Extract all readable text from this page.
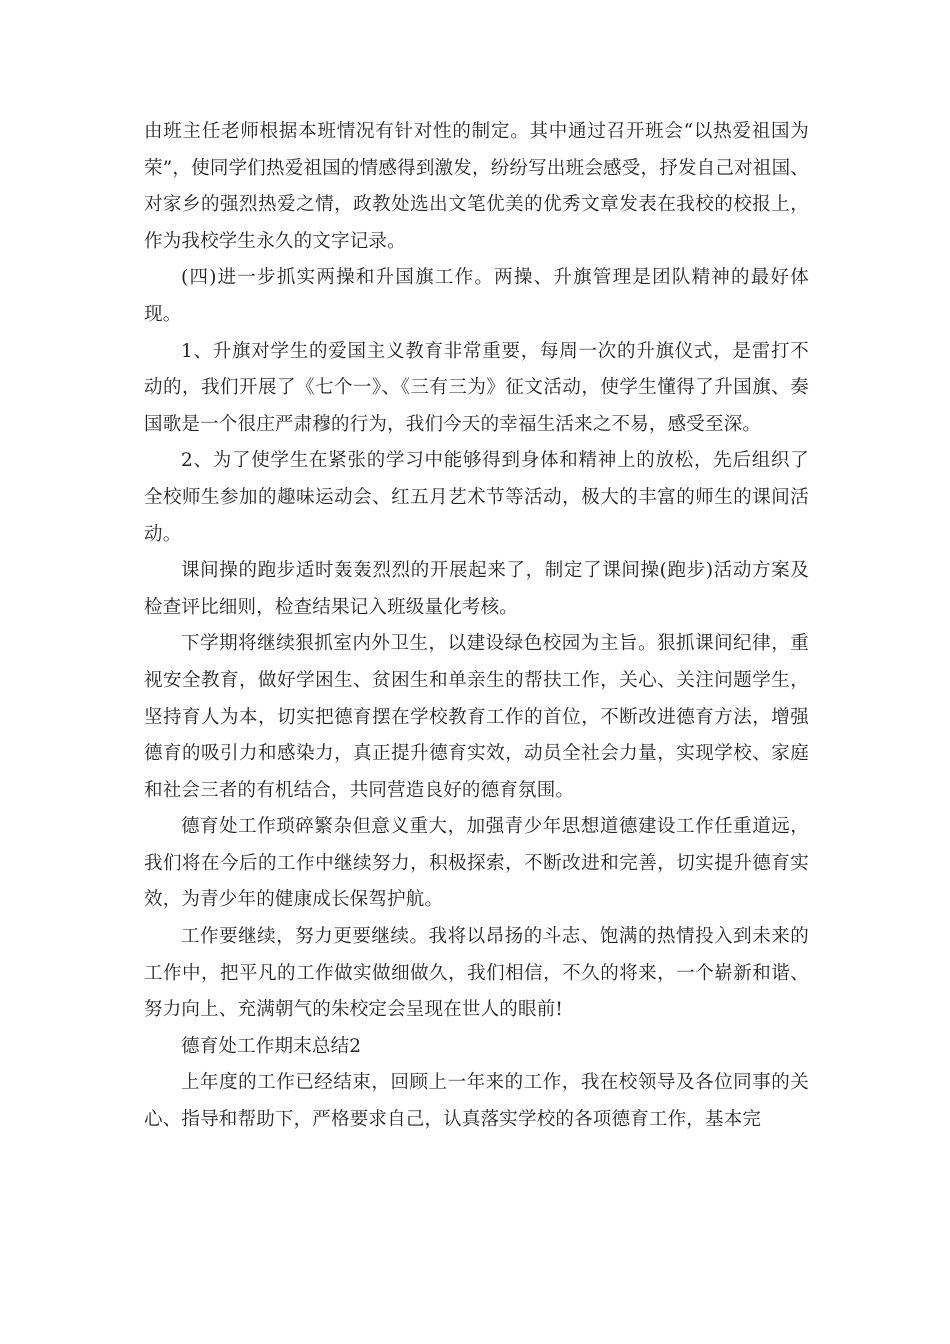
由班主任老师根据本班情况有针对性的制定。其中通过召开班会“以热爱祖国为荣”，使同学们热爱祖国的情感得到激发，纷纷写出班会感受，抒发自己对祖国、对家乡的强烈热爱之情，政教处选出文笔优美的优秀文章发表在我校的校报上，作为我校学生永久的文字记录。

(四)进一步抓实两操和升国旗工作。两操、升旗管理是团队精神的最好体现。

1、升旗对学生的爱国主义教育非常重要，每周一次的升旗仪式，是雷打不动的，我们开展了《七个一》、《三有三为》征文活动，使学生懂得了升国旗、奏国歌是一个很庄严肃穆的行为，我们今天的幸福生活来之不易，感受至深。

2、为了使学生在紧张的学习中能够得到身体和精神上的放松，先后组织了全校师生参加的趣味运动会、红五月艺术节等活动，极大的丰富的师生的课间活动。

课间操的跑步适时轰轰烈烈的开展起来了，制定了课间操(跑步)活动方案及检查评比细则，检查结果记入班级量化考核。

下学期将继续狠抓室内外卫生，以建设绿色校园为主旨。狠抓课间纪律，重视安全教育，做好学困生、贫困生和单亲生的帮扶工作，关心、关注问题学生，坚持育人为本，切实把德育摆在学校教育工作的首位，不断改进德育方法，增强德育的吸引力和感染力，真正提升德育实效，动员全社会力量，实现学校、家庭和社会三者的有机结合，共同营造良好的德育氛围。

德育处工作琐碎繁杂但意义重大，加强青少年思想道德建设工作任重道远，我们将在今后的工作中继续努力，积极探索，不断改进和完善，切实提升德育实效，为青少年的健康成长保驾护航。

工作要继续，努力更要继续。我将以昂扬的斗志、饱满的热情投入到未来的工作中，把平凡的工作做实做细做久，我们相信，不久的将来，一个崭新和谐、努力向上、充满朝气的朱校定会呈现在世人的眼前!

德育处工作期末总结2

上年度的工作已经结束，回顾上一年来的工作，我在校领导及各位同事的关心、指导和帮助下，严格要求自己，认真落实学校的各项德育工作，基本完
